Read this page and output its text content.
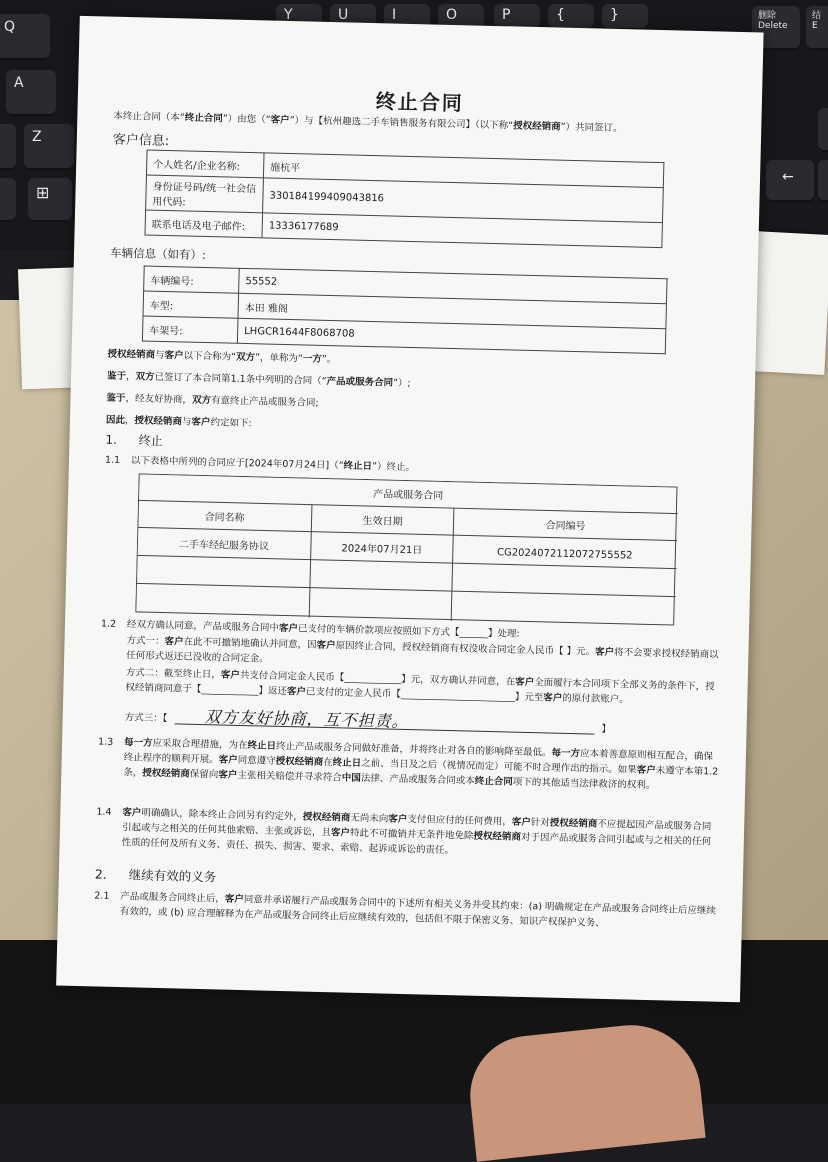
Q
A
Z
⊞
Y	U	I	O	P	{	}	删除
Delete
结
E
←
终止合同
本终止合同（本“终止合同”）由您（“客户”）与【杭州趣选二手车销售服务有限公司】（以下称“授权经销商”）共同签订。
客户信息:
个人姓名/企业名称:	施杭平
身份证号码/统一社会信用代码:	330184199409043816
联系电话及电子邮件:	13336177689
车辆信息（如有）:
车辆编号:	55552
车型:	本田 雅阁
车架号:	LHGCR1644F8068708
授权经销商与客户以下合称为“双方”，单称为“一方”。
鉴于，双方已签订了本合同第1.1条中列明的合同（“产品或服务合同”）;
鉴于，经友好协商，双方有意终止产品或服务合同;
因此，授权经销商与客户约定如下:
1. 终止
1.1 以下表格中所列的合同应于[2024年07月24日]（“终止日”）终止。
产品或服务合同
合同名称	生效日期	合同编号
二手车经纪服务协议	2024年07月21日	CG2024072112072755552
1.2 经双方确认同意，产品或服务合同中客户已支付的车辆价款项应按照如下方式【______】处理:
方式一：客户在此不可撤销地确认并同意，因客户原因终止合同，授权经销商有权没收合同定金人民币【 】元。客户将不会要求授权经销商以任何形式返还已没收的合同定金。
方式二：截至终止日，客户共支付合同定金人民币【____________】元，双方确认并同意，在客户全面履行本合同项下全部义务的条件下，授权经销商同意于【____________】返还客户已支付的定金人民币【________________________】元至客户的原付款账户。
方式三：【 双方友好协商，互不担责。	】
1.3 每一方应采取合理措施，为在终止日终止产品或服务合同做好准备，并将终止对各自的影响降至最低。每一方应本着善意原则相互配合，确保终止程序的顺利开展。客户同意遵守授权经销商在终止日之前、当日及之后（视情况而定）可能不时合理作出的指示。如果客户未遵守本第1.2条，授权经销商保留向客户主张相关赔偿并寻求符合中国法律、产品或服务合同或本终止合同项下的其他适当法律救济的权利。
1.4 客户明确确认，除本终止合同另有约定外，授权经销商无尚未向客户支付但应付的任何费用，客户针对授权经销商不应提起因产品或服务合同引起或与之相关的任何其他索赔、主张或诉讼，且客户特此不可撤销并无条件地免除授权经销商对于因产品或服务合同引起或与之相关的任何性质的任何及所有义务、责任、损失、损害、要求、索赔、起诉或诉讼的责任。
2. 继续有效的义务
2.1 产品或服务合同终止后，客户同意并承诺履行产品或服务合同中的下述所有相关义务并受其约束：(a) 明确规定在产品或服务合同终止后应继续有效的，或 (b) 应合理解释为在产品或服务合同终止后应继续有效的，包括但不限于保密义务、知识产权保护义务、
